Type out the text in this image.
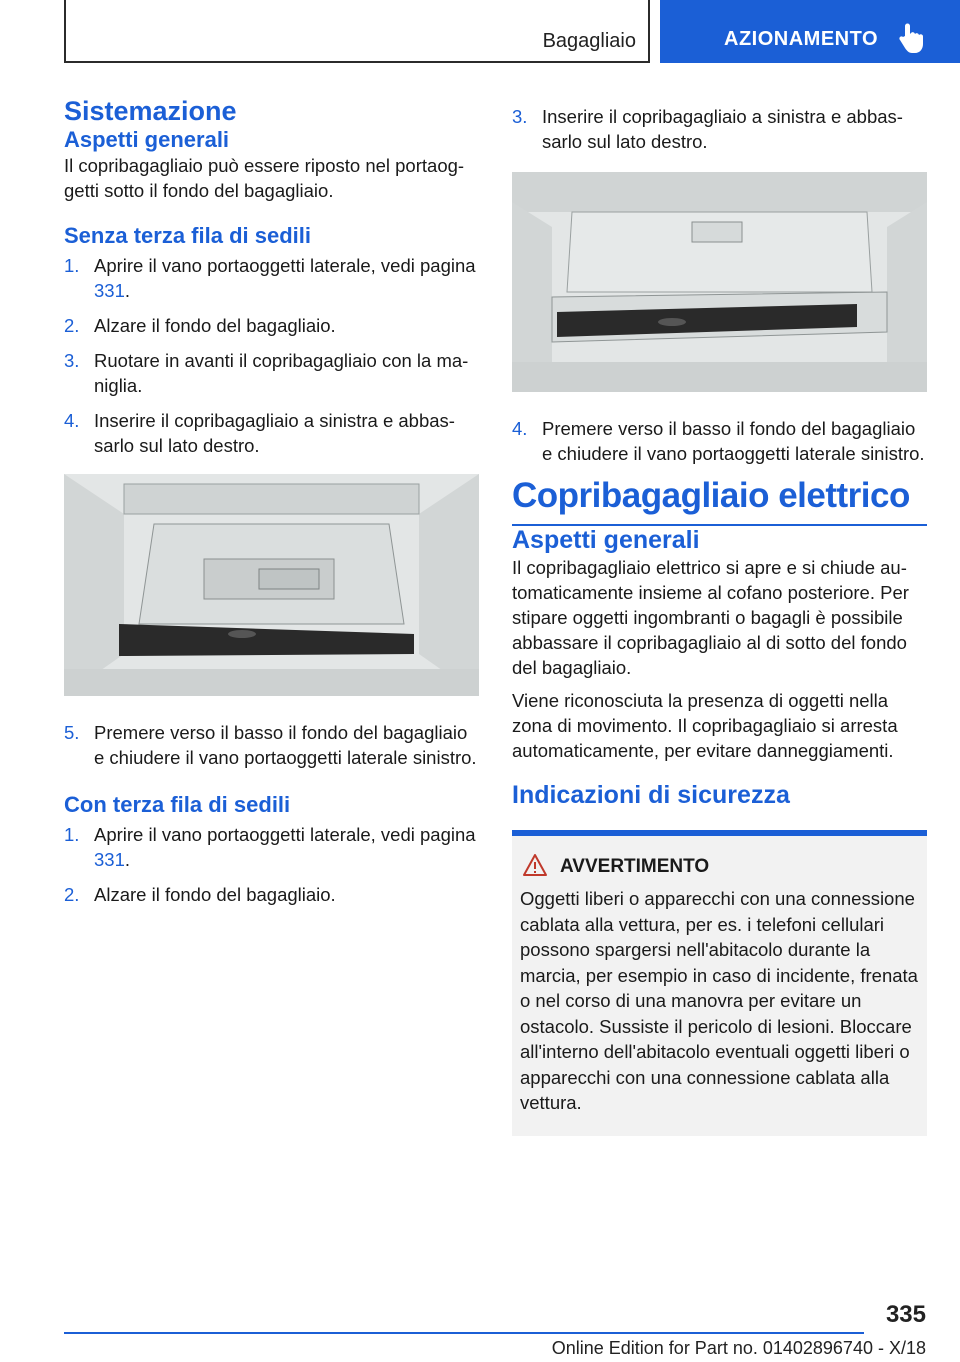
Bagagliaio	AZIONAMENTO
Sistemazione
Aspetti generali

Il copribagagliaio può essere riposto nel portaoggetti sotto il fondo del bagagliaio.

Senza terza fila di sedili
1. Aprire il vano portaoggetti laterale, vedi pagina 331.
2. Alzare il fondo del bagagliaio.
3. Ruotare in avanti il copribagagliaio con la maniglia.
4. Inserire il copribagagliaio a sinistra e abbassarlo sul lato destro.
5. Premere verso il basso il fondo del bagagliaio e chiudere il vano portaoggetti laterale sinistro.
Con terza fila di sedili
1. Aprire il vano portaoggetti laterale, vedi pagina 331.
2. Alzare il fondo del bagagliaio.
3. Inserire il copribagagliaio a sinistra e abbassarlo sul lato destro.
4. Premere verso il basso il fondo del bagagliaio e chiudere il vano portaoggetti laterale sinistro.
Copribagagliaio elettrico
Aspetti generali

Il copribagagliaio elettrico si apre e si chiude automaticamente insieme al cofano posteriore. Per stipare oggetti ingombranti o bagagli è possibile abbassare il copribagagliaio al di sotto del fondo del bagagliaio.

Viene riconosciuta la presenza di oggetti nella zona di movimento. Il copribagagliaio si arresta automaticamente, per evitare danneggiamenti.

Indicazioni di sicurezza
AVVERTIMENTO

Oggetti liberi o apparecchi con una connessione cablata alla vettura, per es. i telefoni cellulari possono spargersi nell'abitacolo durante la marcia, per esempio in caso di incidente, frenata o nel corso di una manovra per evitare un ostacolo. Sussiste il pericolo di lesioni. Bloccare all'interno dell'abitacolo eventuali oggetti liberi o apparecchi con una connessione cablata alla vettura.

335
Online Edition for Part no. 01402896740 - X/18
